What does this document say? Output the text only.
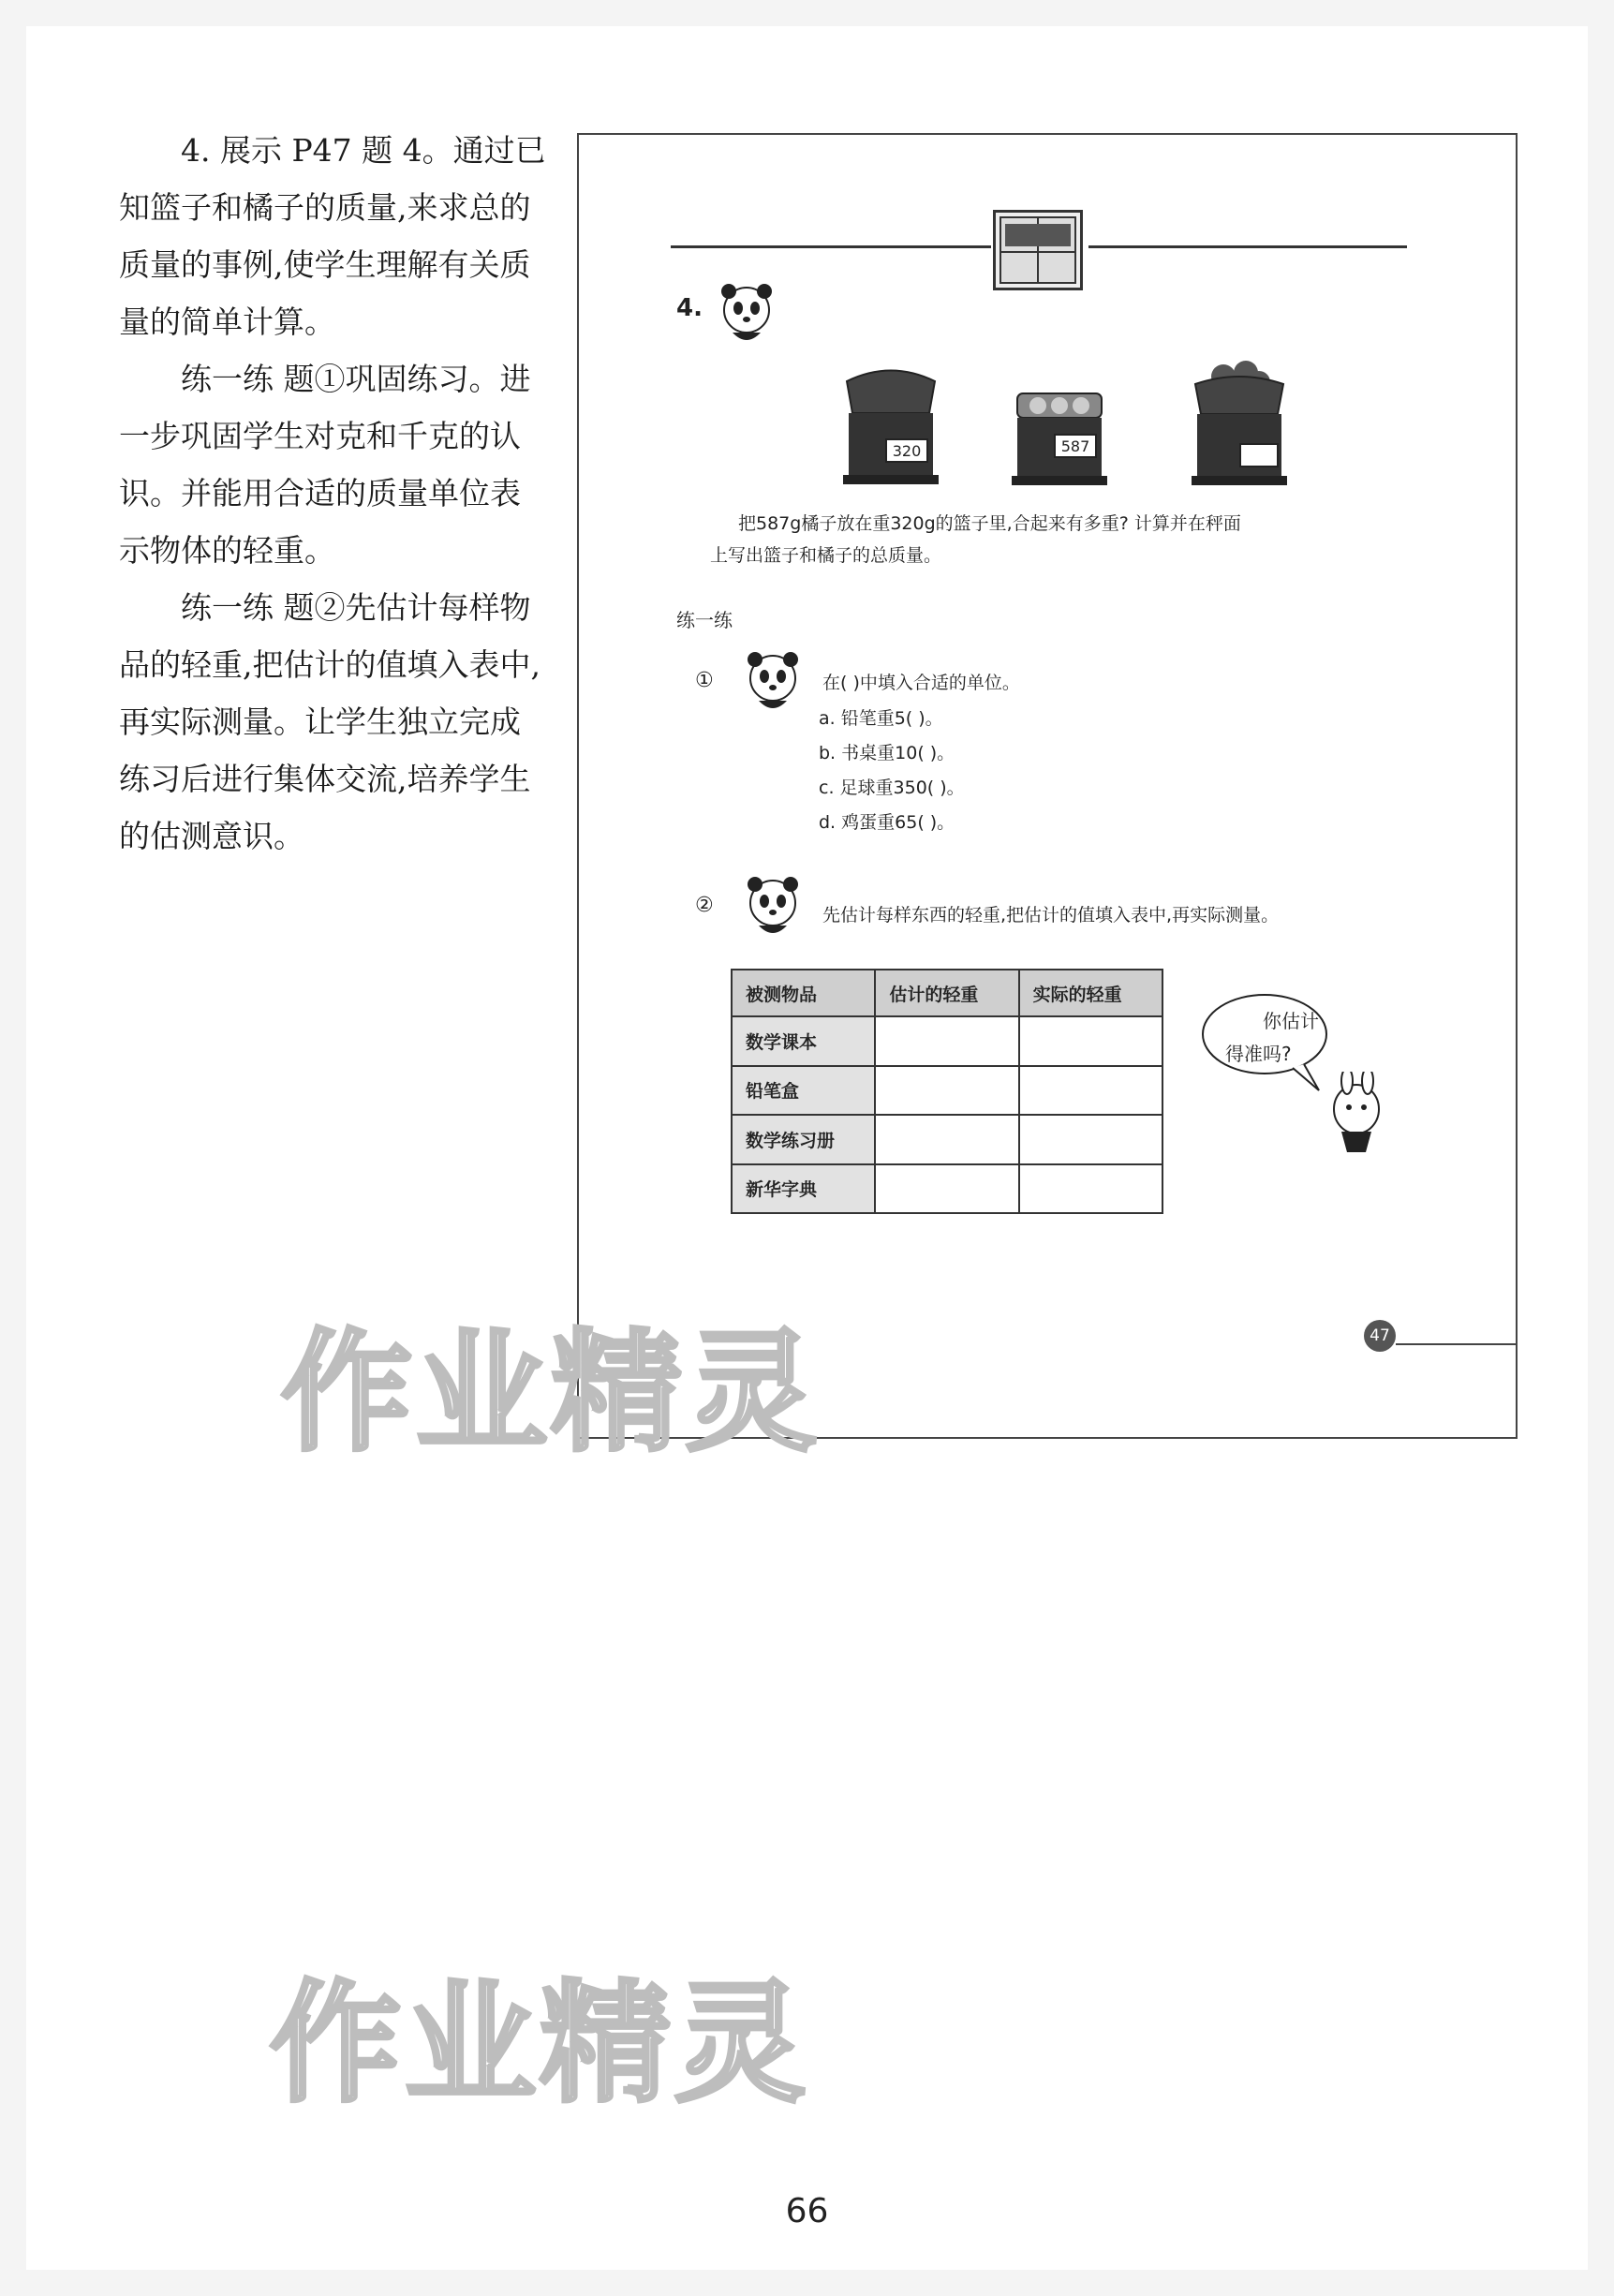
4. 展示 P47 题 4。通过已知篮子和橘子的质量,来求总的质量的事例,使学生理解有关质量的简单计算。

练一练 题①巩固练习。进一步巩固学生对克和千克的认识。并能用合适的质量单位表示物体的轻重。

练一练 题②先估计每样物品的轻重,把估计的值填入表中,再实际测量。让学生独立完成练习后进行集体交流,培养学生的估测意识。

4.
320	587
把587g橘子放在重320g的篮子里,合起来有多重? 计算并在秤面
上写出篮子和橘子的总质量。
练一练
①	在( )中填入合适的单位。
a. 铅笔重5( )。
b. 书桌重10( )。
c. 足球重350( )。
d. 鸡蛋重65( )。
②	先估计每样东西的轻重,把估计的值填入表中,再实际测量。
被测物品	估计的轻重	实际的轻重
数学课本		
铅笔盒		
数学练习册		
新华字典		
你估计
得准吗?
47
作业精灵
作业精灵
66
